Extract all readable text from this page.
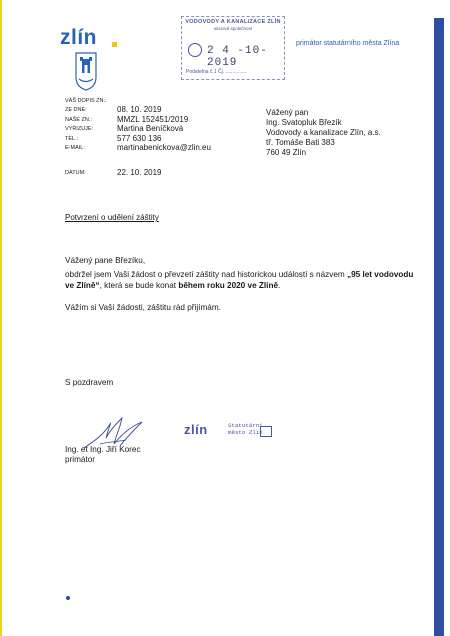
zlín
VODOVODY A KANALIZACE ZLÍN
akciová společnost
2 4 -10- 2019
Podatelna č.1 Čj. ...............
primátor statutárního města Zlína
VÁŠ DOPIS ZN.:
ZE DNE:
NAŠE ZN.:
VYŘIZUJE:
TEL.:
E-MAIL:
DATUM:
08. 10. 2019
MMZL 152451/2019
Martina Beníčková
577 630 136
martinabenickova@zlin.eu
22. 10. 2019
Vážený pan
Ing. Svatopluk Březík
Vodovody a kanalizace Zlín, a.s.
tř. Tomáše Bati 383
760 49 Zlín
Potvrzení o udělení záštity
Vážený pane Březíku,
obdržel jsem Vaši žádost o převzetí záštity nad historickou událostí s názvem „95 let vodovodu
ve Zlíně“, která se bude konat během roku 2020 ve Zlíně.
Vážím si Vaší žádosti, záštitu rád přijímám.
S pozdravem
Ing. et Ing. Jiří Korec
primátor
zlín	Statutární
město Zlín
